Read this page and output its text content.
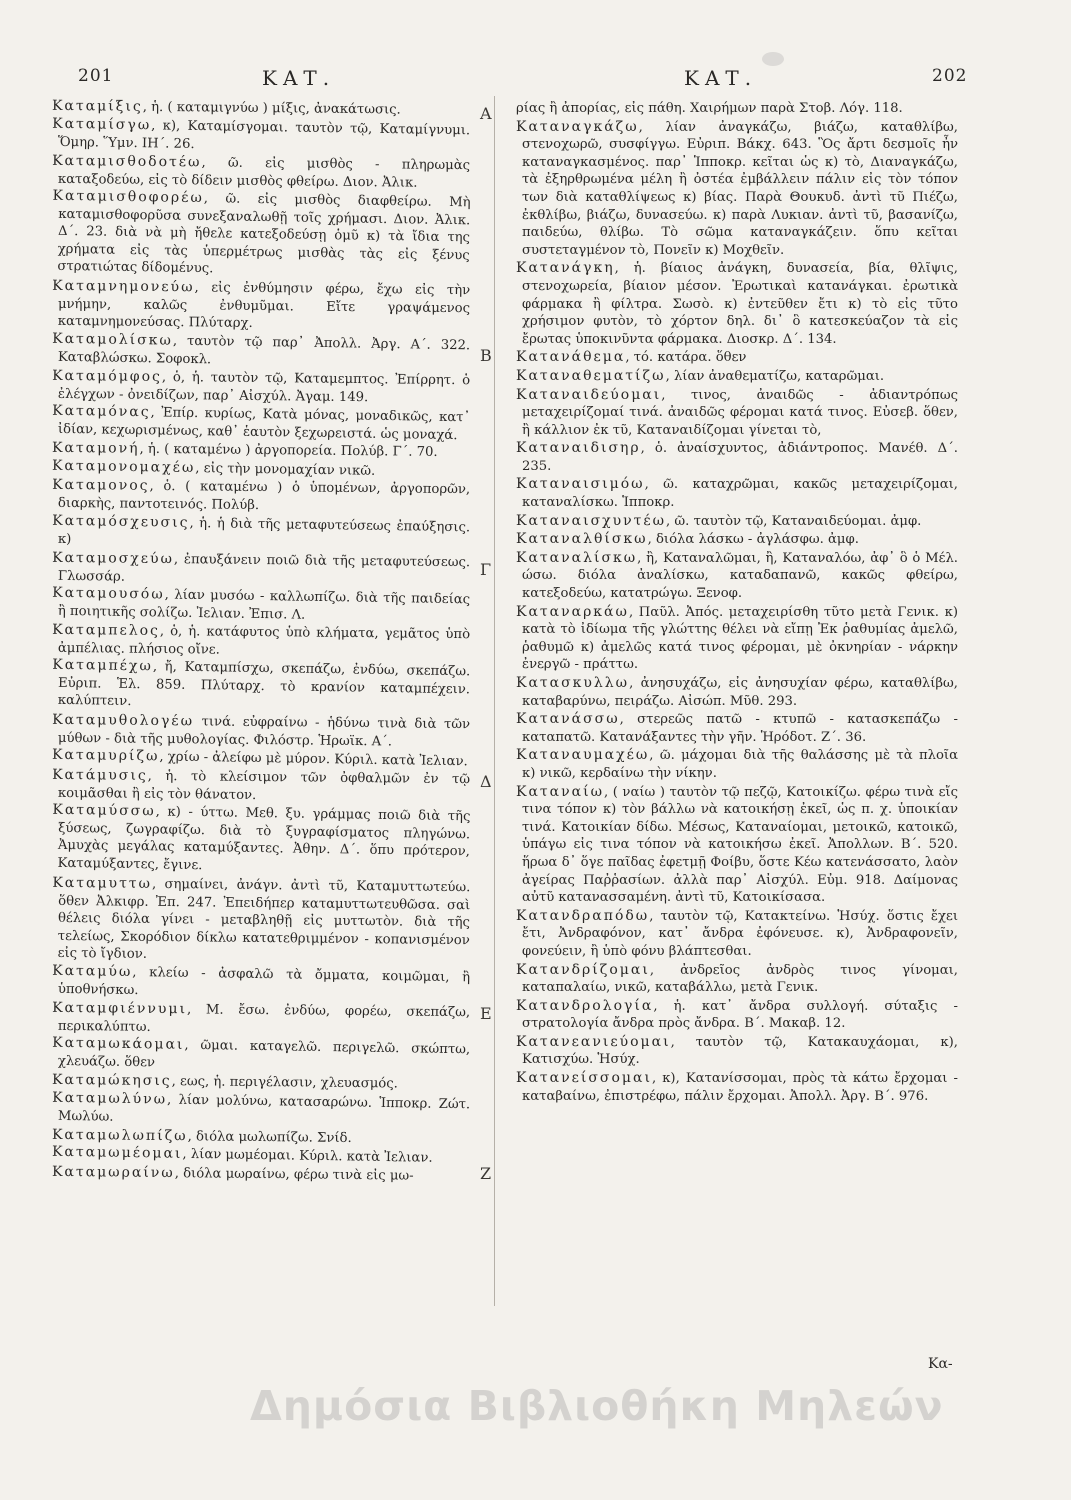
201	ΚΑΤ.	ΚΑΤ.	202

Καταμίξις, ἡ. ( καταμιγνύω ) μίξις, ἀνακάτωσις.

Καταμίσγω, κ), Καταμίσγομαι. ταυτὸν τῷ, Καταμίγνυμι. Ὅμηρ. Ὕμν. ΙΗ΄. 26.

Καταμισθοδοτέω, ῶ. εἰς μισθὸς - πληρωμὰς καταξοδεύω, εἰς τὸ δίδειν μισθὸς φθείρω. Διον. Ἀλικ.

Καταμισθοφορέω, ῶ. εἰς μισθὸς διαφθείρω. Μὴ καταμισθοφορῦσα συνεξαναλωθῇ τοῖς χρήμασι. Διον. Ἀλικ. Δ΄. 23. διὰ νὰ μὴ ἤθελε κατεξοδεύσῃ ὁμῦ κ) τὰ ἴδια της χρήματα εἰς τὰς ὑπερμέτρως μισθὰς τὰς εἰς ξένυς στρατιώτας δίδομένυς.

Καταμνημονεύω, εἰς ἐνθύμησιν φέρω, ἔχω εἰς τὴν μνήμην, καλῶς ἐνθυμῦμαι. Εἴτε γραψάμενος καταμνημονεύσας. Πλύταρχ.

Καταμολίσκω, ταυτὸν τῷ παρ᾽ Ἀπολλ. Ἀργ. Α΄. 322. Καταβλώσκω. Σοφοκλ.

Καταμόμφος, ὁ, ἡ. ταυτὸν τῷ, Καταμεμπτος. Ἐπίρρητ. ὁ ἐλέγχων - ὀνειδίζων, παρ᾽ Αἰσχύλ. Ἀγαμ. 149.

Καταμόνας, Ἐπίρ. κυρίως, Κατὰ μόνας, μοναδικῶς, κατ᾽ ἰδίαν, κεχωρισμένως, καθ᾽ ἑαυτὸν ξεχωρειστά. ὡς μοναχά.

Καταμονή, ἡ. ( καταμένω ) ἀργοπορεία. Πολύβ. Γ΄. 70.

Καταμονομαχέω, εἰς τὴν μονομαχίαν νικῶ.

Καταμονος, ὁ. ( καταμένω ) ὁ ὑπομένων, ἀργοπορῶν, διαρκὴς, παντοτεινός. Πολύβ.

Καταμόσχευσις, ἡ. ἡ διὰ τῆς μεταφυτεύσεως ἐπαύξησις. κ)

Καταμοσχεύω, ἐπαυξάνειν ποιῶ διὰ τῆς μεταφυτεύσεως. Γλωσσάρ.

Καταμουσόω, λίαν μυσόω - καλλωπίζω. διὰ τῆς παιδείας ἢ ποιητικῆς σολίζω. Ἰελιαν. Ἐπισ. Λ.

Καταμπελος, ὁ, ἡ. κατάφυτος ὑπὸ κλήματα, γεμᾶτος ὑπὸ ἀμπέλιας. πλήσιος οἴνε.

Καταμπέχω, ἤ, Καταμπίσχω, σκεπάζω, ἐνδύω, σκεπάζω. Εὐριπ. Ἑλ. 859. Πλύταρχ. τὸ κρανίον καταμπέχειν. καλύπτειν.

Καταμυθολογέω τινά. εὐφραίνω - ἡδύνω τινὰ διὰ τῶν μύθων - διὰ τῆς μυθολογίας. Φιλόστρ. Ἡρωϊκ. Α΄.

Καταμυρίζω, χρίω - ἀλείφω μὲ μύρον. Κύριλ. κατὰ Ἰελιαν.

Κατάμυσις, ἡ. τὸ κλείσιμον τῶν ὀφθαλμῶν ἐν τῷ κοιμᾶσθαι ἢ εἰς τὸν θάνατον.

Καταμύσσω, κ) - ύττω. Μεθ. ξυ. γράμμας ποιῶ διὰ τῆς ξύσεως, ζωγραφίζω. διὰ τὸ ξυγραφίσματος πληγώνω. Ἀμυχὰς μεγάλας καταμύξαντες. Ἀθην. Δ΄. ὅπυ πρότερον, Καταμύξαντες, ἔγινε.

Καταμυττω, σημαίνει, ἀνάγν. ἀντὶ τῦ, Καταμυττωτεύω. ὅθεν Ἀλκιφρ. Ἐπ. 247. Ἐπειδήπερ καταμυττωτευθῶσα. σαὶ θέλεις διόλα γίνει - μεταβληθῇ εἰς μυττωτὸν. διὰ τῆς τελείως, Σκορόδιον δίκλω κατατεθριμμένον - κοπανισμένον εἰς τὸ ἴγδιον.

Καταμύω, κλείω - ἀσφαλῶ τὰ ὄμματα, κοιμῶμαι, ἢ ὑποθνήσκω.

Καταμφιέννυμι, Μ. ἔσω. ἐνδύω, φορέω, σκεπάζω, περικαλύπτω.

Καταμωκάομαι, ῶμαι. καταγελῶ. περιγελῶ. σκώπτω, χλευάζω. ὅθεν

Καταμώκησις, εως, ἡ. περιγέλασιν, χλευασμός.

Καταμωλύνω, λίαν μολύνω, κατασαρώνω. Ἱπποκρ. Ζώτ. Μωλύω.

Καταμωλωπίζω, διόλα μωλωπίζω. Σνίδ.

Καταμωμέομαι, λίαν μωμέομαι. Κύριλ. κατὰ Ἰελιαν.

Καταμωραίνω, διόλα μωραίνω, φέρω τινὰ εἰς μω-

ρίας ἢ ἀπορίας, εἰς πάθη. Χαιρήμων παρὰ Στοβ. Λόγ. 118.

Καταναγκάζω, λίαν ἀναγκάζω, βιάζω, καταθλίβω, στενοχωρῶ, συσφίγγω. Εὐριπ. Βάκχ. 643. Ὃς ἄρτι δεσμοῖς ἦν καταναγκασμένος. παρ᾽ Ἱπποκρ. κεῖται ὡς κ) τὸ, Διαναγκάζω, τὰ ἐξηρθρωμένα μέλη ἢ ὀστέα ἐμβάλλειν πάλιν εἰς τὸν τόπον των διὰ καταθλίψεως κ) βίας. Παρὰ Θουκυδ. ἀντὶ τῦ Πιέζω, ἐκθλίβω, βιάζω, δυνασεύω. κ) παρὰ Λυκιαν. ἀντὶ τῦ, βασανίζω, παιδεύω, θλίβω. Τὸ σῶμα καταναγκάζειν. ὅπυ κεῖται συστεταγμένον τὸ, Πονεῖν κ) Μοχθεῖν.

Κατανάγκη, ἡ. βίαιος ἀνάγκη, δυνασεία, βία, θλῖψις, στενοχωρεία, βίαιον μέσον. Ἐρωτικαὶ κατανάγκαι. ἐρωτικὰ φάρμακα ἢ φίλτρα. Σωσὸ. κ) ἐντεῦθεν ἔτι κ) τὸ εἰς τῦτο χρήσιμον φυτὸν, τὸ χόρτον δηλ. δι᾽ ὃ κατεσκεύαζον τὰ εἰς ἔρωτας ὑποκινῦντα φάρμακα. Διοσκρ. Δ΄. 134.

Κατανάθεμα, τό. κατάρα. ὅθεν

Καταναθεματίζω, λίαν ἀναθεματίζω, καταρῶμαι.

Καταναιδεύομαι, τινος, ἀναιδῶς - ἀδιαντρόπως μεταχειρίζομαί τινά. ἀναιδῶς φέρομαι κατά τινος. Εὐσεβ. ὅθεν, ἢ κάλλιον ἐκ τῦ, Καταναιδίζομαι γίνεται τὸ,

Καταναιδισηρ, ὁ. ἀναίσχυντος, ἀδιάντροπος. Μανέθ. Δ΄. 235.

Καταναισιμόω, ῶ. καταχρῶμαι, κακῶς μεταχειρίζομαι, καταναλίσκω. Ἱπποκρ.

Καταναισχυντέω, ῶ. ταυτὸν τῷ, Καταναιδεύομαι. ἀμφ.

Καταναλθίσκω, διόλα λάσκω - ἀγλάσφω. ἀμφ.

Καταναλίσκω, ἢ, Καταναλῶμαι, ἢ, Καταναλόω, ἀφ᾽ ὃ ὁ Μέλ. ώσω. διόλα ἀναλίσκω, καταδαπανῶ, κακῶς φθείρω, κατεξοδεύω, κατατρώγω. Ξενοφ.

Καταναρκάω, Παῦλ. Ἀπός. μεταχειρίσθη τῦτο μετὰ Γενικ. κ) κατὰ τὸ ἰδίωμα τῆς γλώττης θέλει νὰ εἴπῃ Ἐκ ῥαθυμίας ἀμελῶ, ῥαθυμῶ κ) ἀμελῶς κατά τινος φέρομαι, μὲ ὀκνηρίαν - νάρκην ἐνεργῶ - πράττω.

Κατασκυλλω, ἀνησυχάζω, εἰς ἀνησυχίαν φέρω, καταθλίβω, καταβαρύνω, πειράζω. Αἰσώπ. Μῦθ. 293.

Κατανάσσω, στερεῶς πατῶ - κτυπῶ - κατασκεπάζω - καταπατῶ. Κατανάξαντες τὴν γῆν. Ἡρόδοτ. Ζ΄. 36.

Καταναυμαχέω, ῶ. μάχομαι διὰ τῆς θαλάσσης μὲ τὰ πλοῖα κ) νικῶ, κερδαίνω τὴν νίκην.

Καταναίω, ( ναίω ) ταυτὸν τῷ πεζῷ, Κατοικίζω. φέρω τινὰ εἴς τινα τόπον κ) τὸν βάλλω νὰ κατοικήσῃ ἐκεῖ, ὡς π. χ. ὑποικίαν τινά. Κατοικίαν δίδω. Μέσως, Καταναίομαι, μετοικῶ, κατοικῶ, ὑπάγω εἰς τινα τόπον νὰ κατοικήσω ἐκεῖ. Ἀπολλων. Β΄. 520. ἥρωα δ᾽ ὅγε παῖδας ἐφετμῇ Φοίβυ, ὅστε Κέω κατενάσσατο, λαὸν ἀγείρας Παῤῥασίων. ἀλλὰ παρ᾽ Αἰσχύλ. Εὐμ. 918. Δαίμονας αὐτῦ κατανασσαμένη. ἀντὶ τῦ, Κατοικίσασα.

Κατανδραπόδω, ταυτὸν τῷ, Κατακτείνω. Ἡσύχ. ὅστις ἔχει ἔτι, Ἀνδραφόνον, κατ᾽ ἄνδρα ἐφόνευσε. κ), Ἀνδραφονεῖν, φονεύειν, ἢ ὑπὸ φόνυ βλάπτεσθαι.

Κατανδρίζομαι, ἀνδρεῖος ἀνδρὸς τινος γίνομαι, καταπαλαίω, νικῶ, καταβάλλω, μετὰ Γενικ.

Κατανδρολογία, ἡ. κατ᾽ ἄνδρα συλλογή. σύταξις - στρατολογία ἄνδρα πρὸς ἄνδρα. Β΄. Μακαβ. 12.

Κατανεανιεύομαι, ταυτὸν τῷ, Κατακαυχάομαι, κ), Κατισχύω. Ἡσύχ.

Κατανείσσομαι, κ), Κατανίσσομαι, πρὸς τὰ κάτω ἔρχομαι - καταβαίνω, ἐπιστρέφω, πάλιν ἔρχομαι. Ἀπολλ. Ἀργ. Β΄. 976.

A
B
Γ
Δ
E
Z
Κα-
Δημόσια Βιβλιοθήκη Μηλεών
